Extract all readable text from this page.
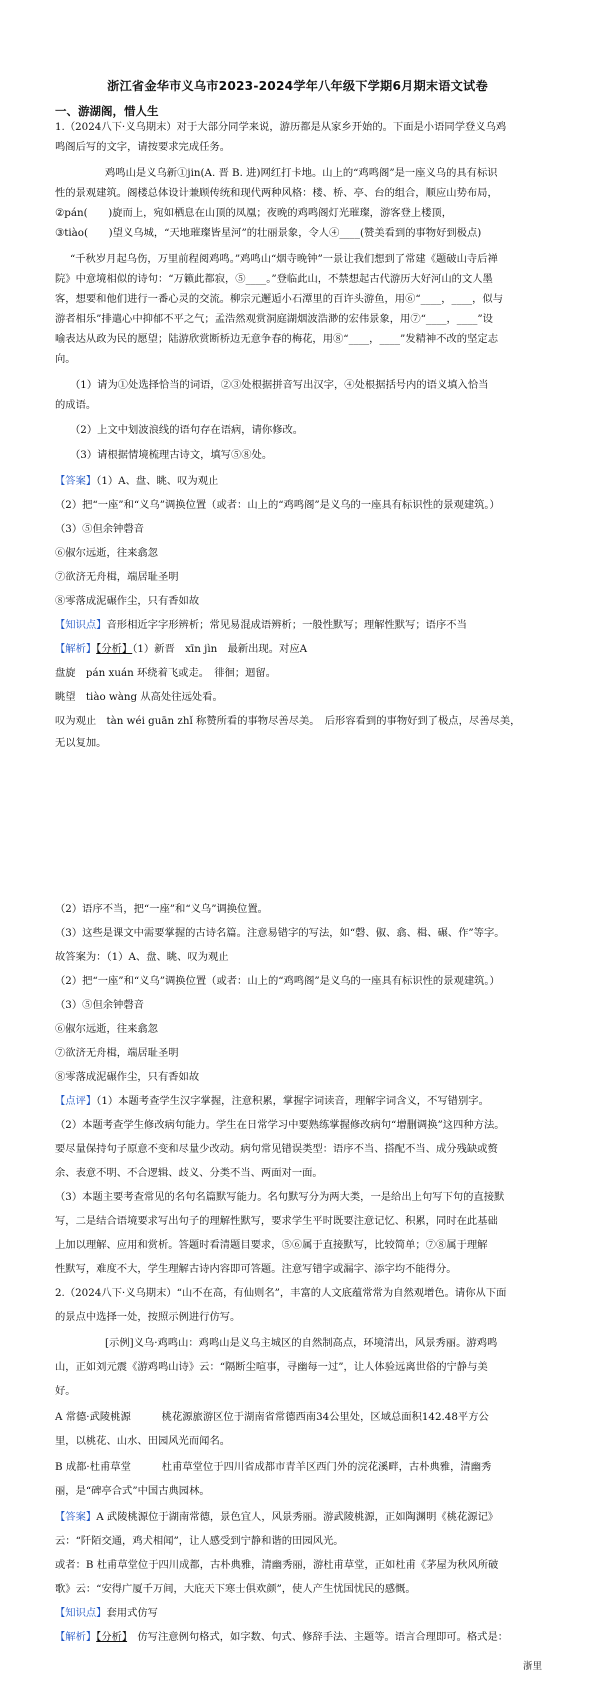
浙江省金华市义乌市2023-2024学年八年级下学期6月期末语文试卷
一、游湖阁，惜人生
1.（2024八下·义乌期末）对于大部分同学来说，游历都是从家乡开始的。下面是小语同学登义乌鸡
鸣阁后写的文字，请按要求完成任务。
鸡鸣山是义乌新①jin(A. 晋 B. 进)网红打卡地。山上的“鸡鸣阁”是一座义乌的具有标识
性的景观建筑。阁楼总体设计兼顾传统和现代两种风格：楼、桥、亭、台的组合，顺应山势布局，
②pán(　　)旋而上，宛如栖息在山顶的凤凰；夜晚的鸡鸣阁灯光璀璨，游客登上楼顶，
③tiào(　　)望义乌城，“天地璀璨皆星河”的壮丽景象，令人④____(赞美看到的事物好到极点)
“千秋岁月起乌伤，万里前程阅鸡鸣。”鸡鸣山“烟寺晚钟”一景让我们想到了常建《题破山寺后禅
院》中意境相似的诗句：“万籁此都寂，⑤____。”登临此山，不禁想起古代游历大好河山的文人墨
客，想要和他们进行一番心灵的交流。柳宗元邂逅小石潭里的百许头游鱼，用⑥“____，____，似与
游者相乐”排遣心中抑郁不平之气；孟浩然观赏洞庭湖烟波浩渺的宏伟景象，用⑦“____，____”设
喻表达从政为民的愿望；陆游欣赏断桥边无意争春的梅花，用⑧“____，____”发精神不改的坚定志
向。
（1）请为①处选择恰当的词语，②③处根据拼音写出汉字，④处根据括号内的语义填入恰当
的成语。
（2）上文中划波浪线的语句存在语病，请你修改。
（3）请根据情境梳理古诗文，填写⑤⑧处。
【答案】（1）A、盘、眺、叹为观止
（2）把“一座”和“义乌”调换位置（或者：山上的“鸡鸣阁”是义乌的一座具有标识性的景观建筑。）
（3）⑤但余钟磬音
⑥俶尔远逝，往来翕忽
⑦欲济无舟楫，端居耻圣明
⑧零落成泥碾作尘，只有香如故
【知识点】音形相近字字形辨析；常见易混成语辨析；一般性默写；理解性默写；语序不当
【解析】【分析】（1）新晋　xīn jìn　最新出现。对应A
盘旋　pán xuán 环绕着飞或走。　徘徊；迴留。
眺望　tiào wàng 从高处往远处看。
叹为观止　tàn wéi guān zhǐ 称赞所看的事物尽善尽美。　后形容看到的事物好到了极点，尽善尽美，
无以复加。
（2）语序不当，把“一座”和“义乌”调换位置。
（3）这些是课文中需要掌握的古诗名篇。注意易错字的写法，如“磬、俶、翕、楫、碾、作”等字。
故答案为：（1）A、盘、眺、叹为观止
（2）把“一座”和“义乌”调换位置（或者：山上的“鸡鸣阁”是义乌的一座具有标识性的景观建筑。）
（3）⑤但余钟磬音
⑥俶尔远逝，往来翕忽
⑦欲济无舟楫，端居耻圣明
⑧零落成泥碾作尘，只有香如故
【点评】（1）本题考查学生汉字掌握，注意积累，掌握字词读音，理解字词含义，不写错别字。
（2）本题考查学生修改病句能力。学生在日常学习中要熟练掌握修改病句“增删调换”这四种方法。
要尽量保持句子原意不变和尽量少改动。病句常见错误类型：语序不当、搭配不当、成分残缺或赘
余、表意不明、不合逻辑、歧义、分类不当、两面对一面。
（3）本题主要考查常见的名句名篇默写能力。名句默写分为两大类，一是给出上句写下句的直接默
写，二是结合语境要求写出句子的理解性默写，要求学生平时既要注意记忆、积累，同时在此基础
上加以理解、应用和赏析。答题时看清题目要求，⑤⑥属于直接默写，比较简单；⑦⑧属于理解
性默写，难度不大，学生理解古诗内容即可答题。注意写错字或漏字、添字均不能得分。
2.（2024八下·义乌期末）“山不在高，有仙则名”，丰富的人文底蕴常常为自然观增色。请你从下面
的景点中选择一处，按照示例进行仿写。
[示例]义乌·鸡鸣山：鸡鸣山是义乌主城区的自然制高点，环境清出，风景秀丽。游鸡鸣
山，正如刘元震《游鸡鸣山诗》云：“隔断尘喧事，寻幽每一过”，让人体验远离世俗的宁静与美
好。
A 常德·武陵桃源　　　桃花源旅游区位于湖南省常德西南34公里处，区域总面积142.48平方公
里，以桃花、山水、田园风光而闻名。
B 成都·杜甫草堂　　　杜甫草堂位于四川省成都市青羊区西门外的浣花溪畔，古朴典雅，清幽秀
丽，是“碑亭合式”中国古典园林。
【答案】A 武陵桃源位于湖南常德，景色宜人，风景秀丽。游武陵桃源，正如陶渊明《桃花源记》
云：“阡陌交通，鸡犬相闻”，让人感受到宁静和谐的田园风光。
或者：B 杜甫草堂位于四川成都，古朴典雅，清幽秀丽，游杜甫草堂，正如杜甫《茅屋为秋风所破
歌》云：“安得广厦千万间，大庇天下寒士俱欢颜”，使人产生忧国忧民的感慨。
【知识点】套用式仿写
【解析】【分析】　仿写注意例句格式，如字数、句式、修辞手法、主题等。语言合理即可。格式是：
浙里
